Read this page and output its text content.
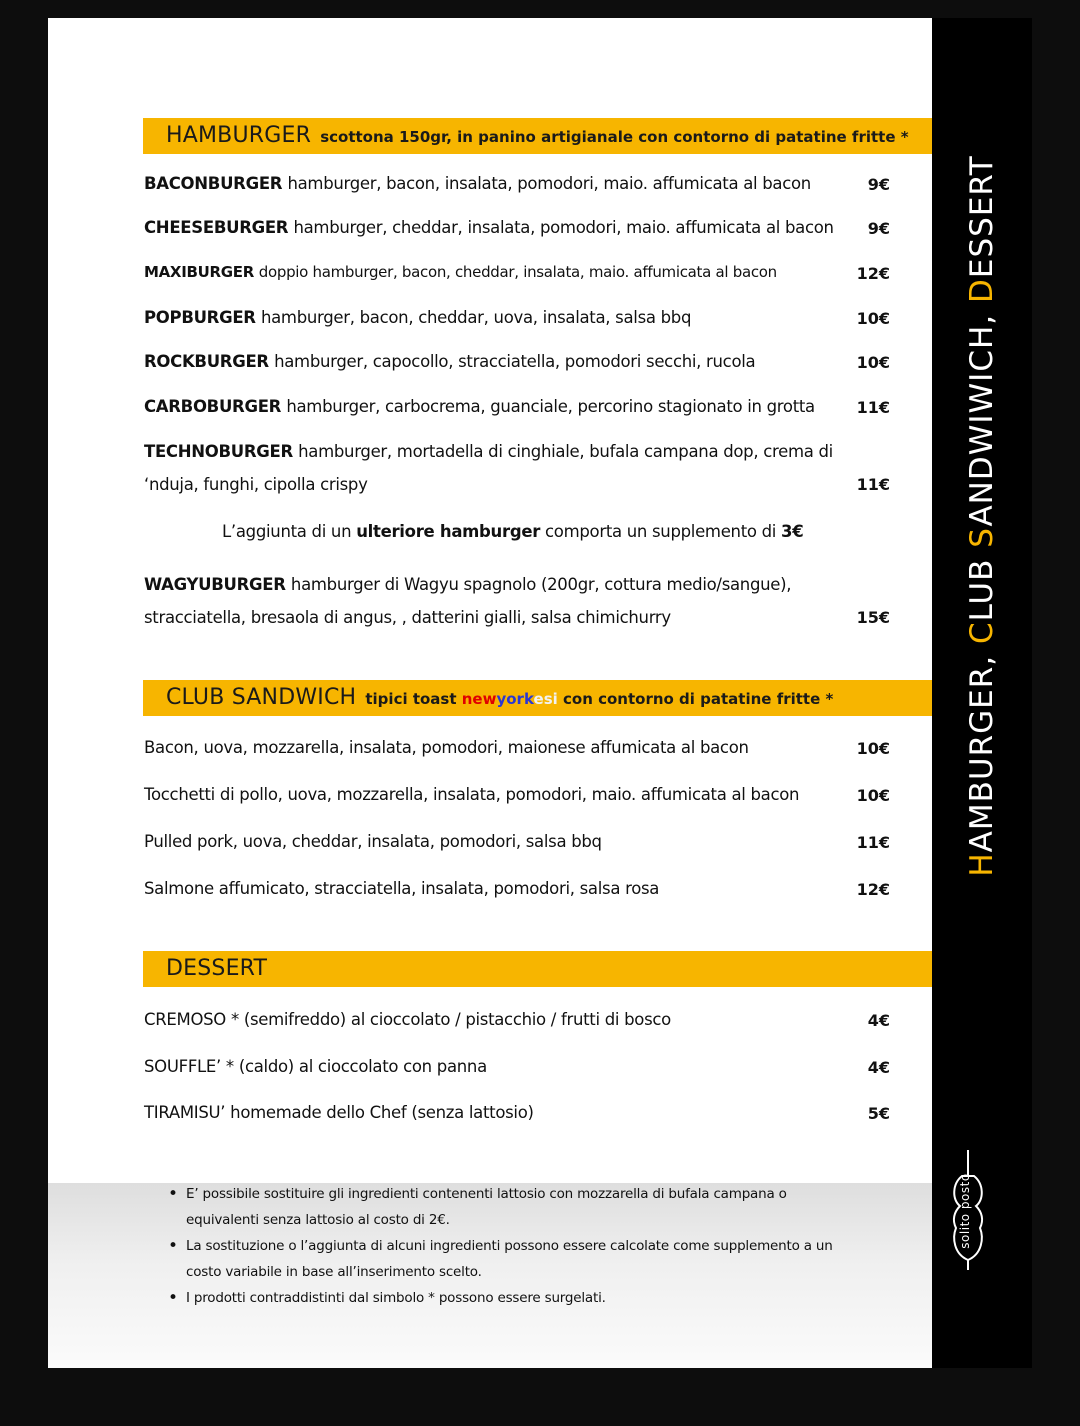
HAMBURGER scottona 150gr, in panino artigianale con contorno di patatine fritte *
BACONBURGER hamburger, bacon, insalata, pomodori, maio. affumicata al bacon	9€
CHEESEBURGER hamburger, cheddar, insalata, pomodori, maio. affumicata al bacon	9€
MAXIBURGER doppio hamburger, bacon, cheddar, insalata, maio. affumicata al bacon	12€
POPBURGER hamburger, bacon, cheddar, uova, insalata, salsa bbq	10€
ROCKBURGER hamburger, capocollo, stracciatella, pomodori secchi, rucola	10€
CARBOBURGER hamburger, carbocrema, guanciale, percorino stagionato in grotta	11€
TECHNOBURGER hamburger, mortadella di cinghiale, bufala campana dop, crema di ‘nduja, funghi, cipolla crispy	11€
L’aggiunta di un ulteriore hamburger comporta un supplemento di 3€
WAGYUBURGER hamburger di Wagyu spagnolo (200gr, cottura medio/sangue), stracciatella, bresaola di angus, , datterini gialli, salsa chimichurry	15€
CLUB SANDWICH tipici toast newyorkesi con contorno di patatine fritte *
Bacon, uova, mozzarella, insalata, pomodori, maionese affumicata al bacon	10€
Tocchetti di pollo, uova, mozzarella, insalata, pomodori, maio. affumicata al bacon	10€
Pulled pork, uova, cheddar, insalata, pomodori, salsa bbq	11€
Salmone affumicato, stracciatella, insalata, pomodori, salsa rosa	12€
DESSERT
CREMOSO * (semifreddo) al cioccolato / pistacchio / frutti di bosco	4€
SOUFFLE’ * (caldo) al cioccolato con panna	4€
TIRAMISU’ homemade dello Chef (senza lattosio)	5€
• E’ possibile sostituire gli ingredienti contenenti lattosio con mozzarella di bufala campana o equivalenti senza lattosio al costo di 2€.
• La sostituzione o l’aggiunta di alcuni ingredienti possono essere calcolate come supplemento a un costo variabile in base all’inserimento scelto.
• I prodotti contraddistinti dal simbolo * possono essere surgelati.
HAMBURGER, CLUB SANDWIWICH, DESSERT
solito posto
